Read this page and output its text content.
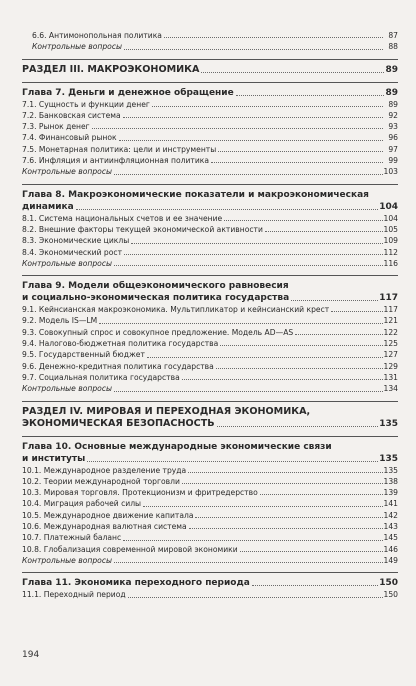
6.6. Антимонопольная политика	87
Контрольные вопросы	88
РАЗДЕЛ III. МАКРОЭКОНОМИКА	89
Глава 7. Деньги и денежное обращение	89
7.1. Сущность и функции денег	89
7.2. Банковская система	92
7.3. Рынок денег	93
7.4. Финансовый рынок	96
7.5. Монетарная политика: цели и инструменты	97
7.6. Инфляция и антиинфляционная политика	99
Контрольные вопросы	103
Глава 8. Макроэкономические показатели и макроэкономическая
динамика	104
8.1. Система национальных счетов и ее значение	104
8.2. Внешние факторы текущей экономической активности	105
8.3. Экономические циклы	109
8.4. Экономический рост	112
Контрольные вопросы	116
Глава 9. Модели общеэкономического равновесия
и социально-экономическая политика государства	117
9.1. Кейнсианская макроэкономика. Мультипликатор и кейнсианский крест	117
9.2. Модель IS—LM	121
9.3. Совокупный спрос и совокупное предложение. Модель AD—AS	122
9.4. Налогово-бюджетная политика государства	125
9.5. Государственный бюджет	127
9.6. Денежно-кредитная политика государства	129
9.7. Социальная политика государства	131
Контрольные вопросы	134
РАЗДЕЛ IV. МИРОВАЯ И ПЕРЕХОДНАЯ ЭКОНОМИКА,
ЭКОНОМИЧЕСКАЯ БЕЗОПАСНОСТЬ	135
Глава 10. Основные международные экономические связи
и институты	135
10.1. Международное разделение труда	135
10.2. Теории международной торговли	138
10.3. Мировая торговля. Протекционизм и фритредерство	139
10.4. Миграция рабочей силы	141
10.5. Международное движение капитала	142
10.6. Международная валютная система	143
10.7. Платежный баланс	145
10.8. Глобализация современной мировой экономики	146
Контрольные вопросы	149
Глава 11. Экономика переходного периода	150
11.1. Переходный период	150
194
